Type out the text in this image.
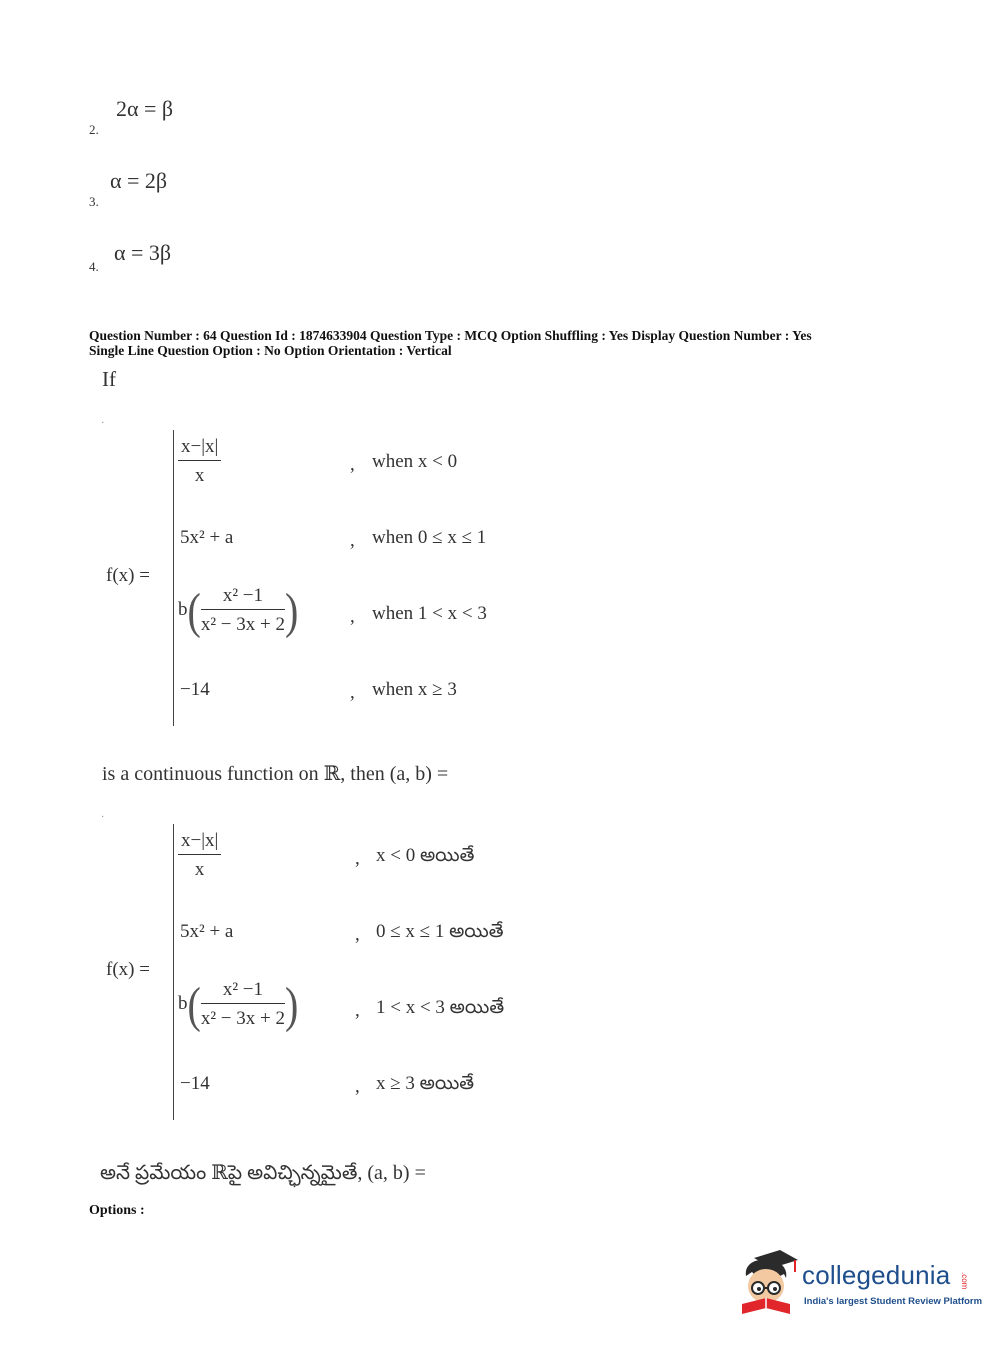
2α = β
2.
α = 2β
3.
α = 3β
4.
Question Number : 64 Question Id : 1874633904 Question Type : MCQ Option Shuffling : Yes Display Question Number : Yes
Single Line Question Option : No Option Orientation : Vertical
If
·
f(x) =
$\frac{x-|x|}{x}$	, when x < 0
5x² + a	, when 0 ≤ x ≤ 1
$b( \frac{\text{x² −1}}{\text{x² − 3x + 2}}$ )	, when 1 < x < 3
−14	, when x ≥ 3
is a continuous function on ℝ, then (a, b) =
·
f(x) =
$\frac{x-|x|}{x}$	, x < 0 అయితే
5x² + a	, 0 ≤ x ≤ 1 అయితే
$b( \frac{\text{x² −1}}{\text{x² − 3x + 2}}$ )	, 1 < x < 3 అయితే
−14	, x ≥ 3 అయితే
అనే ప్రమేయం ℝపై అవిచ్ఛిన్నమైతే, (a, b) =
Options :
collegedunia .com
India's largest Student Review Platform
